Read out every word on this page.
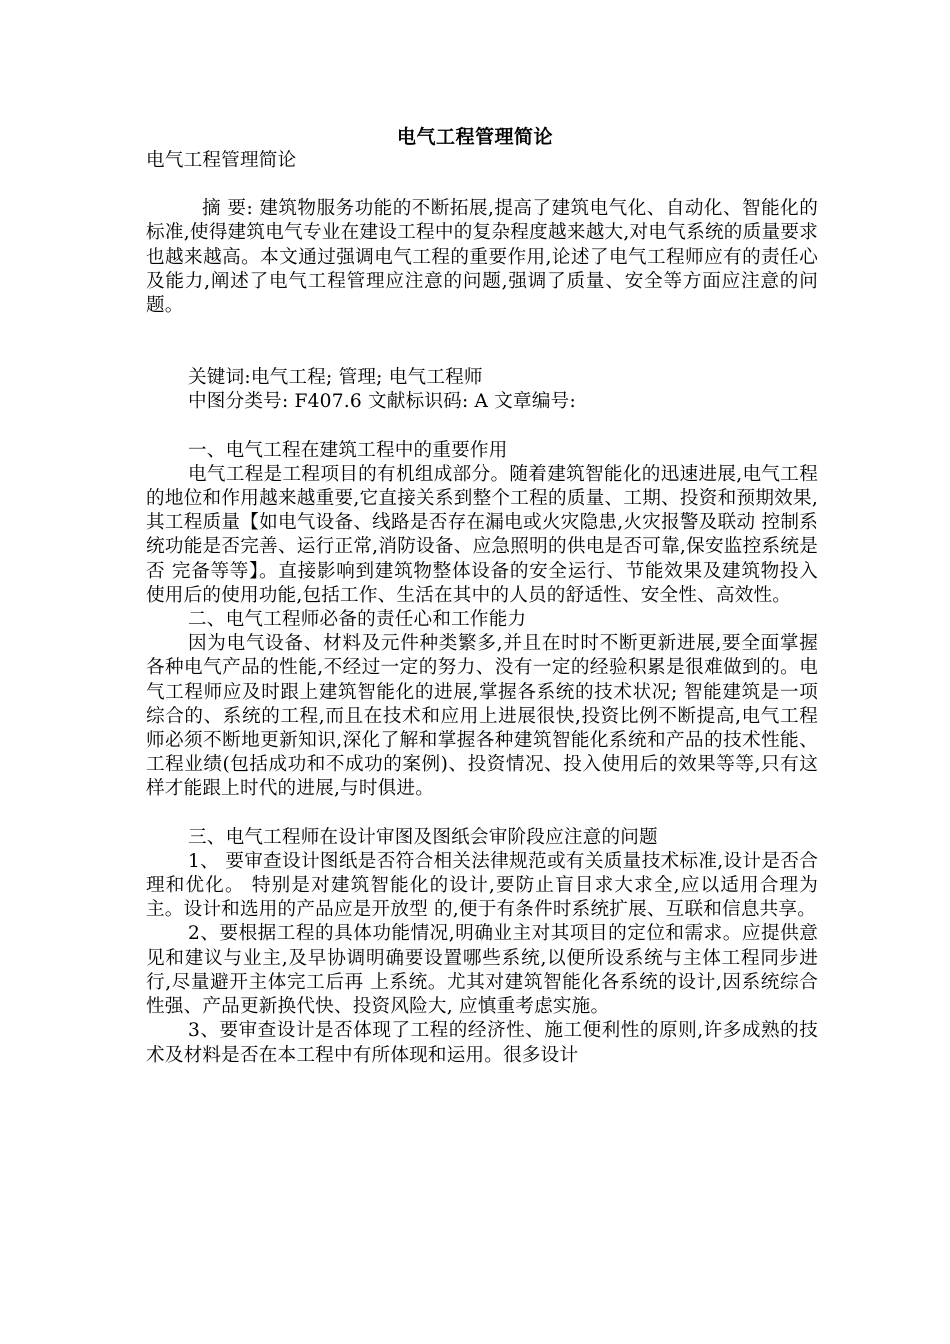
电气工程管理简论

电气工程管理简论

摘 要: 建筑物服务功能的不断拓展,提高了建筑电气化、自动化、智能化的标准,使得建筑电气专业在建设工程中的复杂程度越来越大,对电气系统的质量要求也越来越高。本文通过强调电气工程的重要作用,论述了电气工程师应有的责任心及能力,阐述了电气工程管理应注意的问题,强调了质量、安全等方面应注意的问题。

关键词:电气工程; 管理; 电气工程师

中图分类号: F407.6 文献标识码: A 文章编号:

一、电气工程在建筑工程中的重要作用

电气工程是工程项目的有机组成部分。随着建筑智能化的迅速进展,电气工程的地位和作用越来越重要,它直接关系到整个工程的质量、工期、投资和预期效果,其工程质量【如电气设备、线路是否存在漏电或火灾隐患,火灾报警及联动 控制系统功能是否完善、运行正常,消防设备、应急照明的供电是否可靠,保安监控系统是否 完备等等】。直接影响到建筑物整体设备的安全运行、节能效果及建筑物投入使用后的使用功能,包括工作、生活在其中的人员的舒适性、安全性、高效性。

二、电气工程师必备的责任心和工作能力

因为电气设备、材料及元件种类繁多,并且在时时不断更新进展,要全面掌握各种电气产品的性能,不经过一定的努力、没有一定的经验积累是很难做到的。电气工程师应及时跟上建筑智能化的进展,掌握各系统的技术状况; 智能建筑是一项综合的、系统的工程,而且在技术和应用上进展很快,投资比例不断提高,电气工程师必须不断地更新知识,深化了解和掌握各种建筑智能化系统和产品的技术性能、工程业绩(包括成功和不成功的案例)、投资情况、投入使用后的效果等等,只有这样才能跟上时代的进展,与时俱进。

三、电气工程师在设计审图及图纸会审阶段应注意的问题

1、 要审查设计图纸是否符合相关法律规范或有关质量技术标准,设计是否合理和优化。 特别是对建筑智能化的设计,要防止盲目求大求全,应以适用合理为主。设计和选用的产品应是开放型 的,便于有条件时系统扩展、互联和信息共享。

2、要根据工程的具体功能情况,明确业主对其项目的定位和需求。应提供意见和建议与业主,及早协调明确要设置哪些系统,以便所设系统与主体工程同步进行,尽量避开主体完工后再 上系统。尤其对建筑智能化各系统的设计,因系统综合性强、产品更新换代快、投资风险大, 应慎重考虑实施。

3、要审查设计是否体现了工程的经济性、施工便利性的原则,许多成熟的技术及材料是否在本工程中有所体现和运用。很多设计
